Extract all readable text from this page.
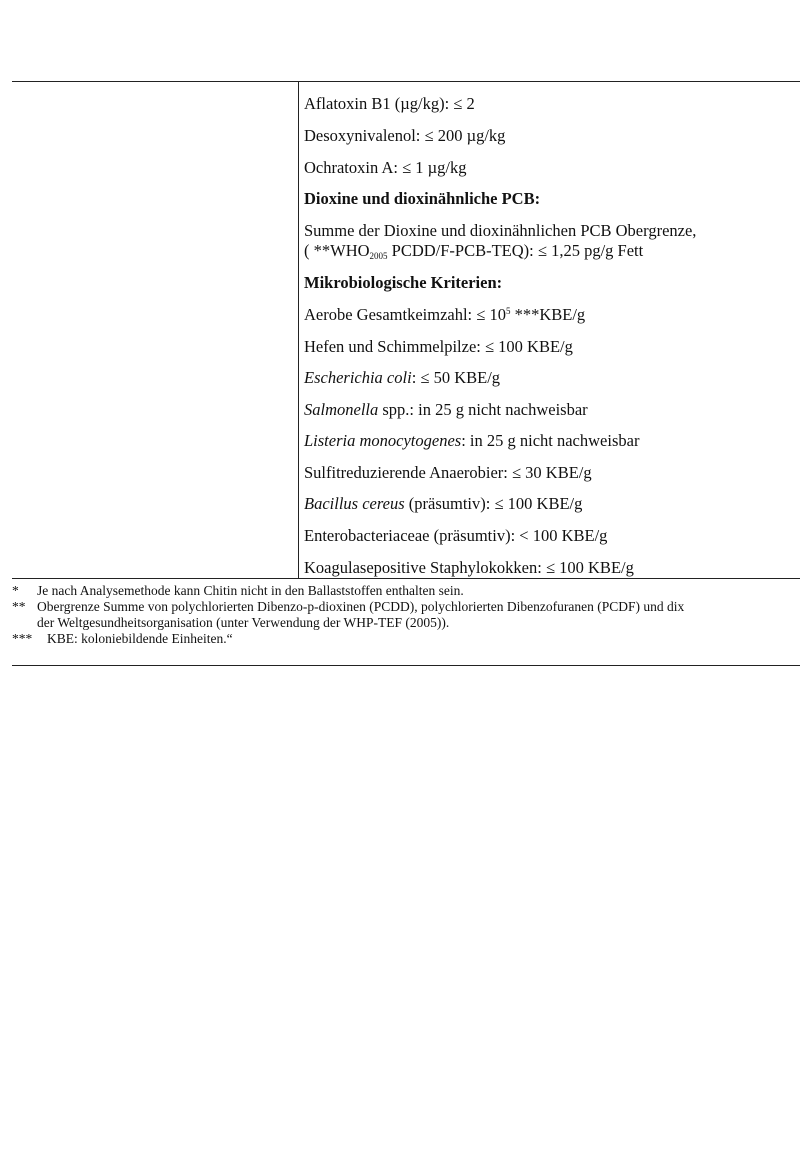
Aflatoxin B1 (µg/kg): ≤ 2
Desoxynivalenol: ≤ 200 µg/kg
Ochratoxin A: ≤ 1 µg/kg
Dioxine und dioxinähnliche PCB:
Summe der Dioxine und dioxinähnlichen PCB Obergrenze,
( $**WHO_{2005}$ PCDD/F-PCB-TEQ): ≤ 1,25 pg/g Fett
Mikrobiologische Kriterien:
Aerobe Gesamtkeimzahl: ≤ $10^5$ ***KBE/g
Hefen und Schimmelpilze: ≤ 100 KBE/g
Escherichia coli: ≤ 50 KBE/g
Salmonella spp.: in 25 g nicht nachweisbar
Listeria monocytogenes: in 25 g nicht nachweisbar
Sulfitreduzierende Anaerobier: ≤ 30 KBE/g
Bacillus cereus (präsumtiv): ≤ 100 KBE/g
Enterobacteriaceae (präsumtiv): < 100 KBE/g
Koagulasepositive Staphylokokken: ≤ 100 KBE/g
* Je nach Analysemethode kann Chitin nicht in den Ballaststoffen enthalten sein.
** Obergrenze Summe von polychlorierten Dibenzo-p-dioxinen (PCDD), polychlorierten Dibenzofuranen (PCDF) und dix
der Weltgesundheitsorganisation (unter Verwendung der WHP-TEF (2005)).
*** KBE: koloniebildende Einheiten.“
